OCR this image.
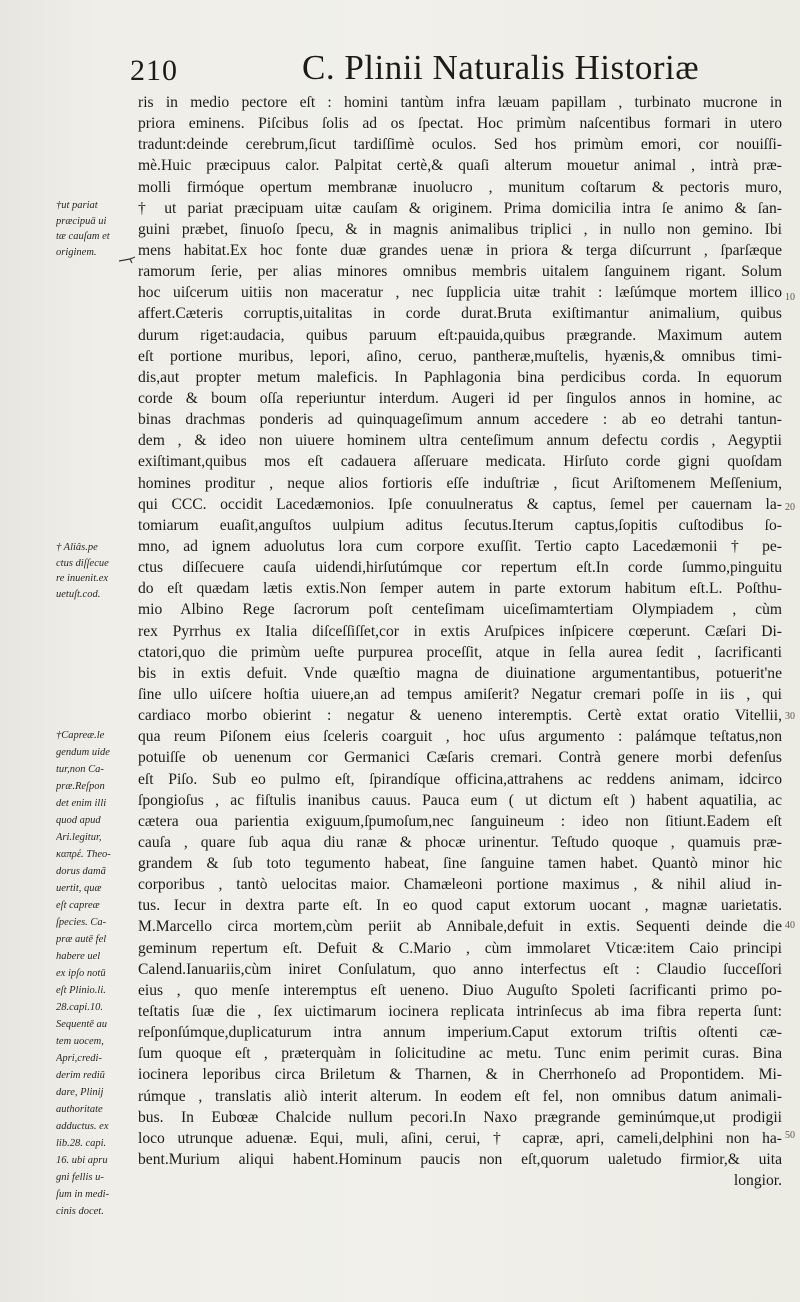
210	C. Plinii Naturalis Historiæ
ris in medio pectore eſt : homini tantùm infra læuam papillam , turbinato mucrone in
priora eminens. Piſcibus ſolis ad os ſpectat. Hoc primùm naſcentibus formari in utero
tradunt:deinde cerebrum,ſicut tardiſſimè oculos. Sed hos primùm emori, cor nouiſſi-
mè.Huic præcipuus calor. Palpitat certè,& quaſi alterum mouetur animal , intrà præ-
molli firmóque opertum membranæ inuolucro , munitum coſtarum & pectoris muro,
† ut pariat præcipuam uitæ cauſam & originem. Prima domicilia intra ſe animo & ſan-
guini præbet, ſinuoſo ſpecu, & in magnis animalibus triplici , in nullo non gemino. Ibi
mens habitat.Ex hoc fonte duæ grandes uenæ in priora & terga diſcurrunt , ſparſæque
ramorum ſerie, per alias minores omnibus membris uitalem ſanguinem rigant. Solum
hoc uiſcerum uitiis non maceratur , nec ſupplicia uitæ trahit : læſúmque mortem illico
affert.Cæteris corruptis,uitalitas in corde durat.Bruta exiſtimantur animalium, quibus
durum riget:audacia, quibus paruum eſt:pauida,quibus prægrande. Maximum autem
eſt portione muribus, lepori, aſino, ceruo, pantheræ,muſtelis, hyænis,& omnibus timi-
dis,aut propter metum maleficis. In Paphlagonia bina perdicibus corda. In equorum
corde & boum oſſa reperiuntur interdum. Augeri id per ſingulos annos in homine, ac
binas drachmas ponderis ad quinquageſimum annum accedere : ab eo detrahi tantun-
dem , & ideo non uiuere hominem ultra centeſimum annum defectu cordis , Aegyptii
exiſtimant,quibus mos eſt cadauera aſſeruare medicata. Hirſuto corde gigni quoſdam
homines proditur , neque alios fortioris eſſe induſtriæ , ſicut Ariſtomenem Meſſenium,
qui CCC. occidit Lacedæmonios. Ipſe conuulneratus & captus, ſemel per cauernam la-
tomiarum euaſit,anguſtos uulpium aditus ſecutus.Iterum captus,ſopitis cuſtodibus ſo-
mno, ad ignem aduolutus lora cum corpore exuſſit. Tertio capto Lacedæmonii † pe-
ctus diſſecuere cauſa uidendi,hirſutúmque cor repertum eſt.In corde ſummo,pinguitu
do eſt quædam lætis extis.Non ſemper autem in parte extorum habitum eſt.L. Poſthu-
mio Albino Rege ſacrorum poſt centeſimam uiceſimamtertiam Olympiadem , cùm
rex Pyrrhus ex Italia diſceſſiſſet,cor in extis Aruſpices inſpicere cœperunt. Cæſari Di-
ctatori,quo die primùm ueſte purpurea proceſſit, atque in ſella aurea ſedit , ſacrificanti
bis in extis defuit. Vnde quæſtio magna de diuinatione argumentantibus, potuerit'ne
ſine ullo uiſcere hoſtia uiuere,an ad tempus amiſerit? Negatur cremari poſſe in iis , qui
cardiaco morbo obierint : negatur & ueneno interemptis. Certè extat oratio Vitellii,
qua reum Piſonem eius ſceleris coarguit , hoc uſus argumento : palámque teſtatus,non
potuiſſe ob uenenum cor Germanici Cæſaris cremari. Contrà genere morbi defenſus
eſt Piſo. Sub eo pulmo eſt, ſpirandíque officina,attrahens ac reddens animam, idcirco
ſpongioſus , ac fiſtulis inanibus cauus. Pauca eum ( ut dictum eſt ) habent aquatilia, ac
cætera oua parientia exiguum,ſpumoſum,nec ſanguineum : ideo non ſitiunt.Eadem eſt
cauſa , quare ſub aqua diu ranæ & phocæ urinentur. Teſtudo quoque , quamuis præ-
grandem & ſub toto tegumento habeat, ſine ſanguine tamen habet. Quantò minor hic
corporibus , tantò uelocitas maior. Chamæleoni portione maximus , & nihil aliud in-
tus. Iecur in dextra parte eſt. In eo quod caput extorum uocant , magnæ uarietatis.
M.Marcello circa mortem,cùm periit ab Annibale,defuit in extis. Sequenti deinde die
geminum repertum eſt. Defuit & C.Mario , cùm immolaret Vticæ:item Caio principi
Calend.Ianuariis,cùm iniret Conſulatum, quo anno interfectus eſt : Claudio ſucceſſori
eius , quo menſe interemptus eſt ueneno. Diuo Auguſto Spoleti ſacrificanti primo po-
teſtatis ſuæ die , ſex uictimarum iocinera replicata intrinſecus ab ima fibra reperta ſunt:
reſponſúmque,duplicaturum intra annum imperium.Caput extorum triſtis oſtenti cæ-
ſum quoque eſt , præterquàm in ſolicitudine ac metu. Tunc enim perimit curas. Bina
iocinera leporibus circa Briletum & Tharnen, & in Cherrhoneſo ad Propontidem. Mi-
rúmque , translatis aliò interit alterum. In eodem eſt fel, non omnibus datum animali-
bus. In Eubœæ Chalcide nullum pecori.In Naxo prægrande geminúmque,ut prodigii
loco utrunque aduenæ. Equi, muli, aſini, cerui, † capræ, apri, cameli,delphini non ha-
bent.Murium aliqui habent.Hominum paucis non eſt,quorum ualetudo firmior,& uita
longior.
†ut pariat
præcipuā ui
tæ cauſam et
originem.
† Aliâs.pe
ctus diſſecue
re inuenit.ex
uetuſt.cod.
†Capreæ.le
gendum uide
tur,non Ca-
præ.Reſpon
det enim illi
quod apud
Ari.legitur,
καπρέ. Theo-
dorus damã
uertit, quæ
eſt capreæ
ſpecies. Ca-
præ autē fel
habere uel
ex ipſo notū
eſt Plinio.li.
28.capi.10.
Sequentē au
tem uocem,
Apri,credi-
derim rediŭ
dare, Plinij
authoritate
adductus. ex
lib.28. capi.
16. ubi apru
gni fellis u-
ſum in medi-
cinis docet.
10
20
30
40
50
